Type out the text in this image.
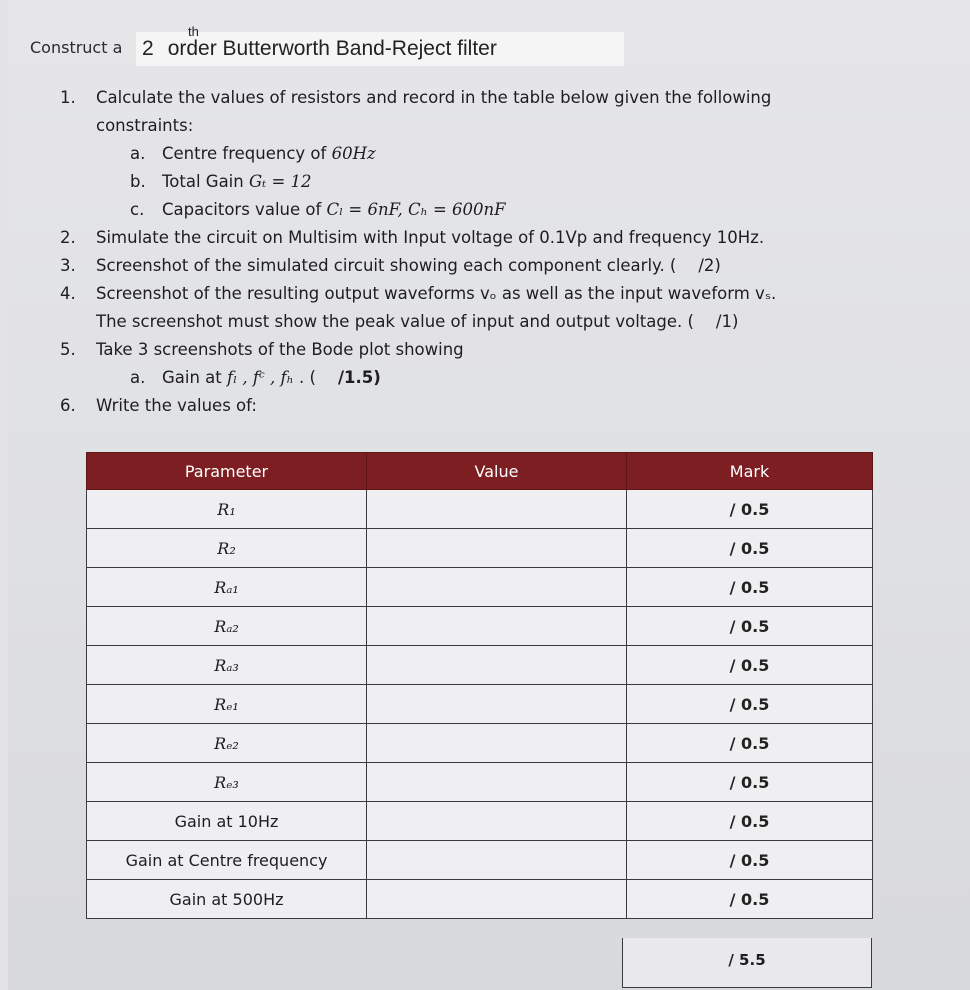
Construct a
th
2 order Butterworth Band-Reject filter
1. Calculate the values of resistors and record in the table below given the following
constraints:
a. Centre frequency of 60Hz
b. Total Gain Gₜ = 12
c. Capacitors value of Cₗ = 6nF, Cₕ = 600nF
2. Simulate the circuit on Multisim with Input voltage of 0.1Vp and frequency 10Hz.
3. Screenshot of the simulated circuit showing each component clearly. ( /2)
4. Screenshot of the resulting output waveforms vₒ as well as the input waveform vₛ.
The screenshot must show the peak value of input and output voltage. ( /1)
5. Take 3 screenshots of the Bode plot showing
a. Gain at fₗ , fᶜ , fₕ . ( /1.5)
6. Write the values of:
Parameter	Value	Mark
R₁		/ 0.5
R₂		/ 0.5
Rₐ₁		/ 0.5
Rₐ₂		/ 0.5
Rₐ₃		/ 0.5
Rₑ₁		/ 0.5
Rₑ₂		/ 0.5
Rₑ₃		/ 0.5
Gain at 10Hz		/ 0.5
Gain at Centre frequency		/ 0.5
Gain at 500Hz		/ 0.5
/ 5.5
